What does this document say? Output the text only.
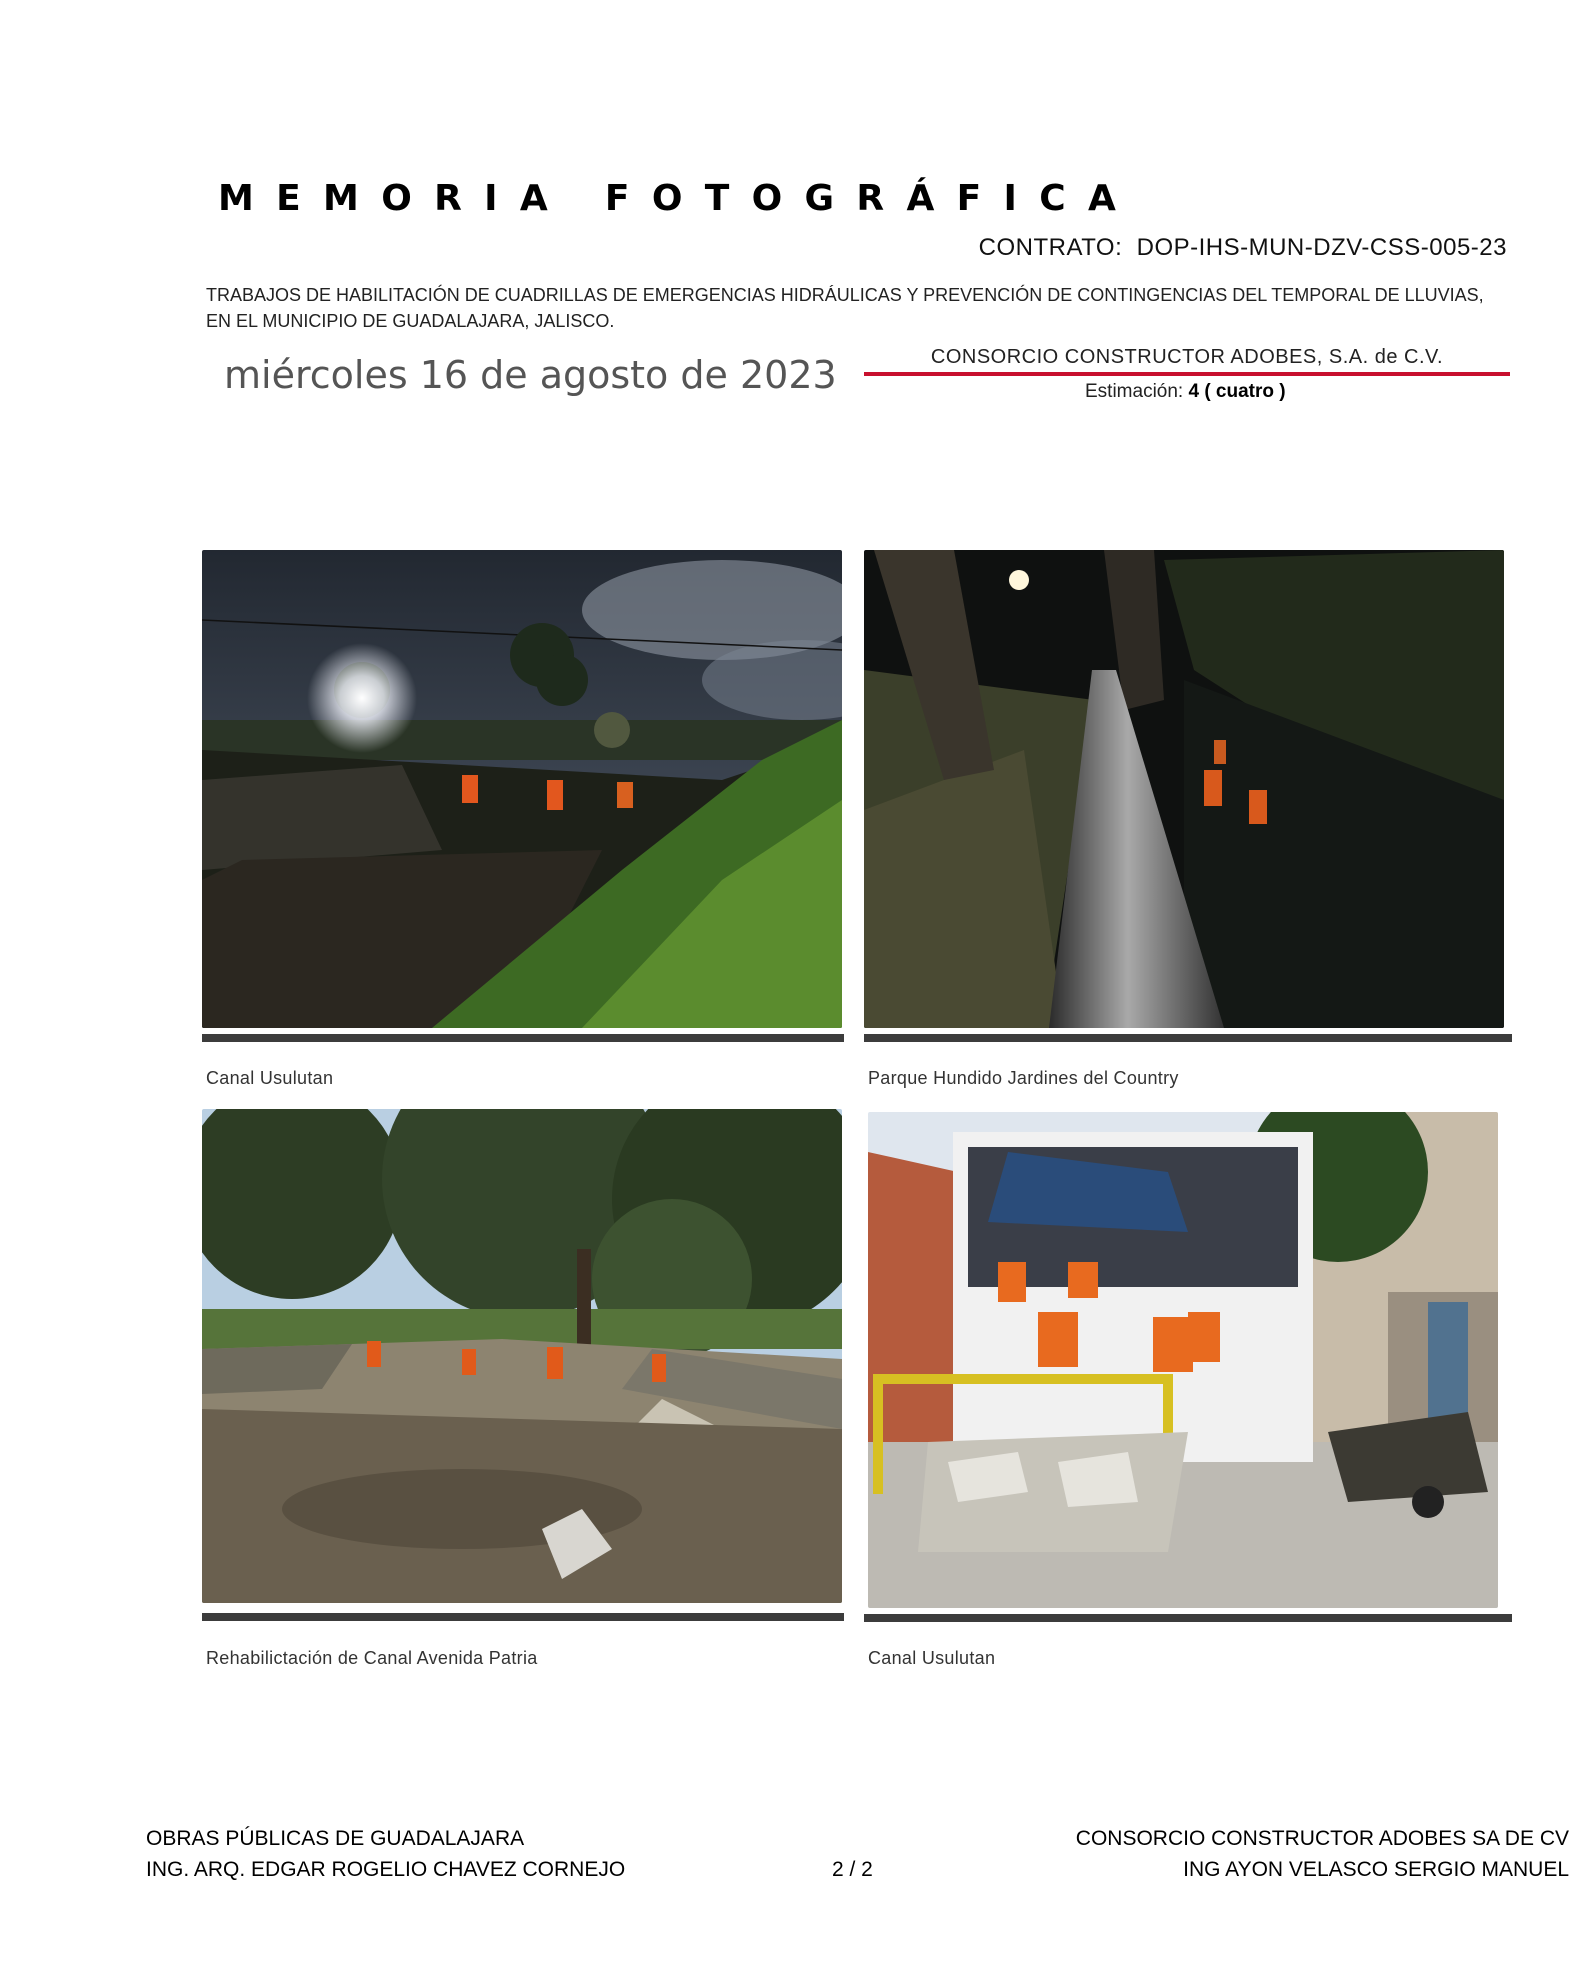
MEMORIA FOTOGRÁFICA
CONTRATO: DOP-IHS-MUN-DZV-CSS-005-23
TRABAJOS DE HABILITACIÓN DE CUADRILLAS DE EMERGENCIAS HIDRÁULICAS Y PREVENCIÓN DE CONTINGENCIAS DEL TEMPORAL DE LLUVIAS, EN EL MUNICIPIO DE GUADALAJARA, JALISCO.
miércoles 16 de agosto de 2023	CONSORCIO CONSTRUCTOR ADOBES, S.A. de C.V.
Estimación: 4 ( cuatro )
Canal Usulutan	Parque Hundido Jardines del Country
Rehabilictación de Canal Avenida Patria	Canal Usulutan
OBRAS PÚBLICAS DE GUADALAJARA
ING. ARQ. EDGAR ROGELIO CHAVEZ CORNEJO	2 / 2
CONSORCIO CONSTRUCTOR ADOBES SA DE CV
ING AYON VELASCO SERGIO MANUEL
